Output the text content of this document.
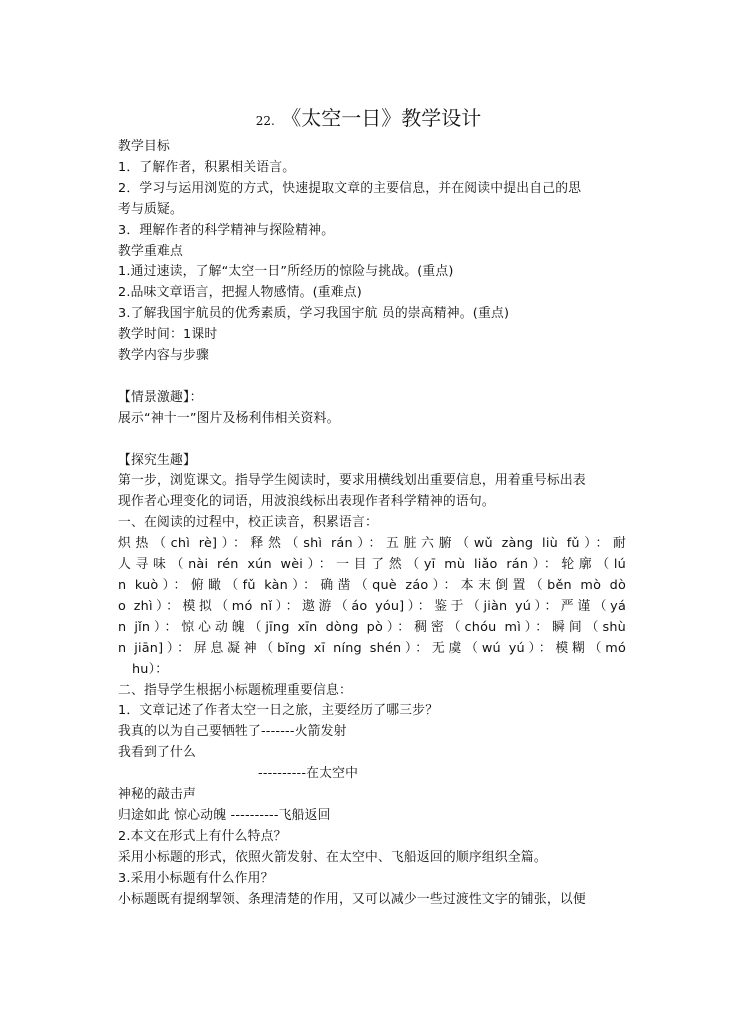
22. 《太空一日》教学设计
教学目标
1．了解作者，积累相关语言。
2．学习与运用浏览的方式，快速提取文章的主要信息，并在阅读中提出自己的思
考与质疑。
3．理解作者的科学精神与探险精神。
教学重难点
1.通过速读，了解“太空一日”所经历的惊险与挑战。(重点)
2.品味文章语言，把握人物感情。(重难点)
3.了解我国宇航员的优秀素质，学习我国宇航 员的崇高精神。(重点)
教学时间：1课时
教学内容与步骤
【情景激趣】：
展示“神十一”图片及杨利伟相关资料。
【探究生趣】
第一步，浏览课文。指导学生阅读时，要求用横线划出重要信息，用着重号标出表
现作者心理变化的词语，用波浪线标出表现作者科学精神的语句。
一、在阅读的过程中，校正读音，积累语言：
炽热（chì rè]）：释然（shì rán）：五脏六腑（wǔ zàng liù fǔ）：耐
人寻味（nài rén xún wèi）：一目了然（yī mù liǎo rán）：轮廓（lú
n kuò）：俯瞰（fǔ kàn）：确凿（què záo）：本末倒置（běn mò dò
o zhì）：模拟（mó nǐ）：遨游（áo yóu]）：鉴于（jiàn yú）：严谨（yá
n jǐn）：惊心动魄（jīng xīn dòng pò）：稠密（chóu mì）：瞬间（shù
n jiān]）：屏息凝神（bǐng xī níng shén）：无虞（wú yú）：模糊（mó
hu）：
二、指导学生根据小标题梳理重要信息：
1．文章记述了作者太空一日之旅，主要经历了哪三步？
我真的以为自己要牺牲了-------火箭发射
我看到了什么
----------在太空中
神秘的敲击声
归途如此 惊心动魄 ----------飞船返回
2.本文在形式上有什么特点？
采用小标题的形式，依照火箭发射、在太空中、飞船返回的顺序组织全篇。
3.采用小标题有什么作用？
小标题既有提纲挈领、条理清楚的作用，又可以减少一些过渡性文字的铺张，以便
